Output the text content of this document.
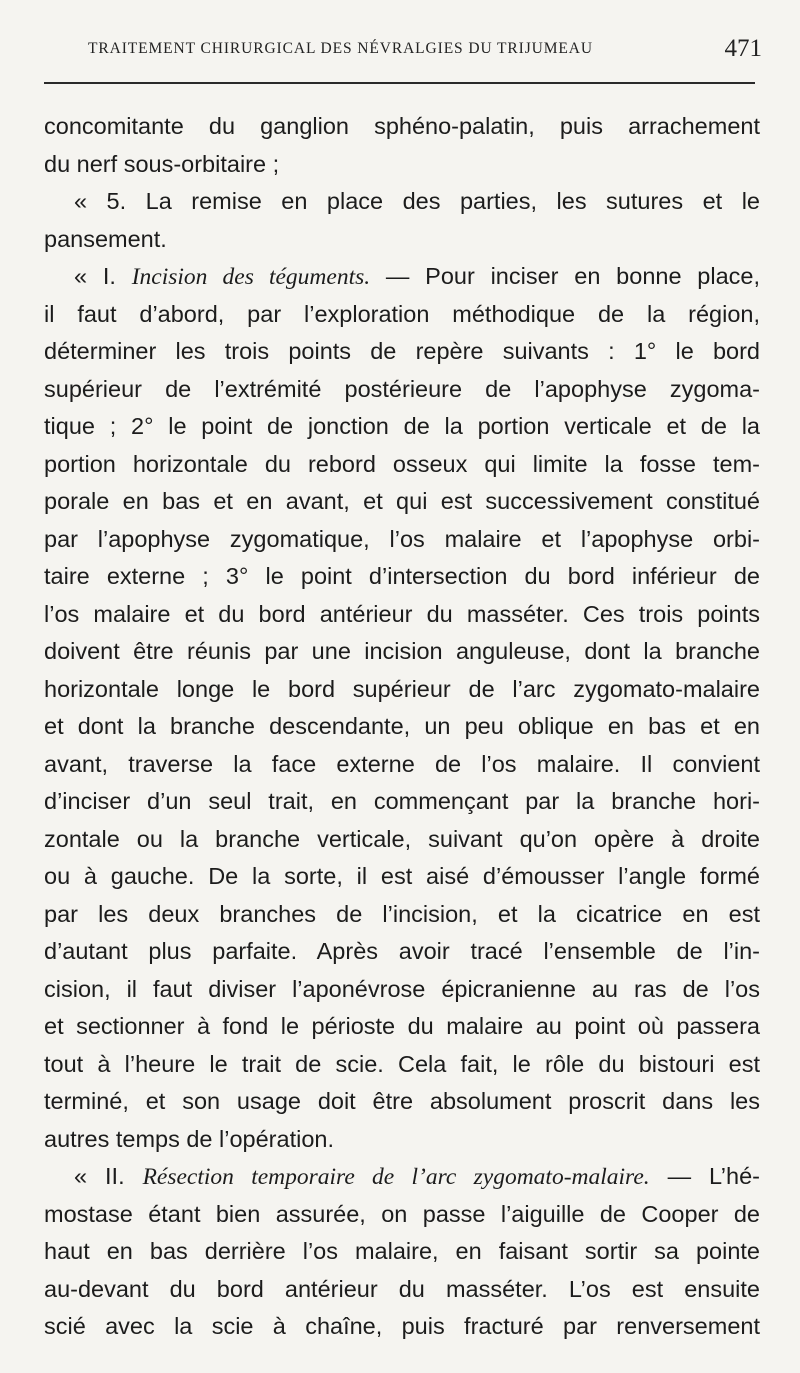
TRAITEMENT CHIRURGICAL DES NÉVRALGIES DU TRIJUMEAU	471
concomitante du ganglion sphéno-palatin, puis arrachement
du nerf sous-orbitaire ;
« 5. La remise en place des parties, les sutures et le
pansement.
« I. Incision des téguments. — Pour inciser en bonne place,
il faut d’abord, par l’exploration méthodique de la région,
déterminer les trois points de repère suivants : 1° le bord
supérieur de l’extrémité postérieure de l’apophyse zygoma-
tique ; 2° le point de jonction de la portion verticale et de la
portion horizontale du rebord osseux qui limite la fosse tem-
porale en bas et en avant, et qui est successivement constitué
par l’apophyse zygomatique, l’os malaire et l’apophyse orbi-
taire externe ; 3° le point d’intersection du bord inférieur de
l’os malaire et du bord antérieur du masséter. Ces trois points
doivent être réunis par une incision anguleuse, dont la branche
horizontale longe le bord supérieur de l’arc zygomato-malaire
et dont la branche descendante, un peu oblique en bas et en
avant, traverse la face externe de l’os malaire. Il convient
d’inciser d’un seul trait, en commençant par la branche hori-
zontale ou la branche verticale, suivant qu’on opère à droite
ou à gauche. De la sorte, il est aisé d’émousser l’angle formé
par les deux branches de l’incision, et la cicatrice en est
d’autant plus parfaite. Après avoir tracé l’ensemble de l’in-
cision, il faut diviser l’aponévrose épicranienne au ras de l’os
et sectionner à fond le périoste du malaire au point où passera
tout à l’heure le trait de scie. Cela fait, le rôle du bistouri est
terminé, et son usage doit être absolument proscrit dans les
autres temps de l’opération.
« II. Résection temporaire de l’arc zygomato-malaire. — L’hé-
mostase étant bien assurée, on passe l’aiguille de Cooper de
haut en bas derrière l’os malaire, en faisant sortir sa pointe
au-devant du bord antérieur du masséter. L’os est ensuite
scié avec la scie à chaîne, puis fracturé par renversement
